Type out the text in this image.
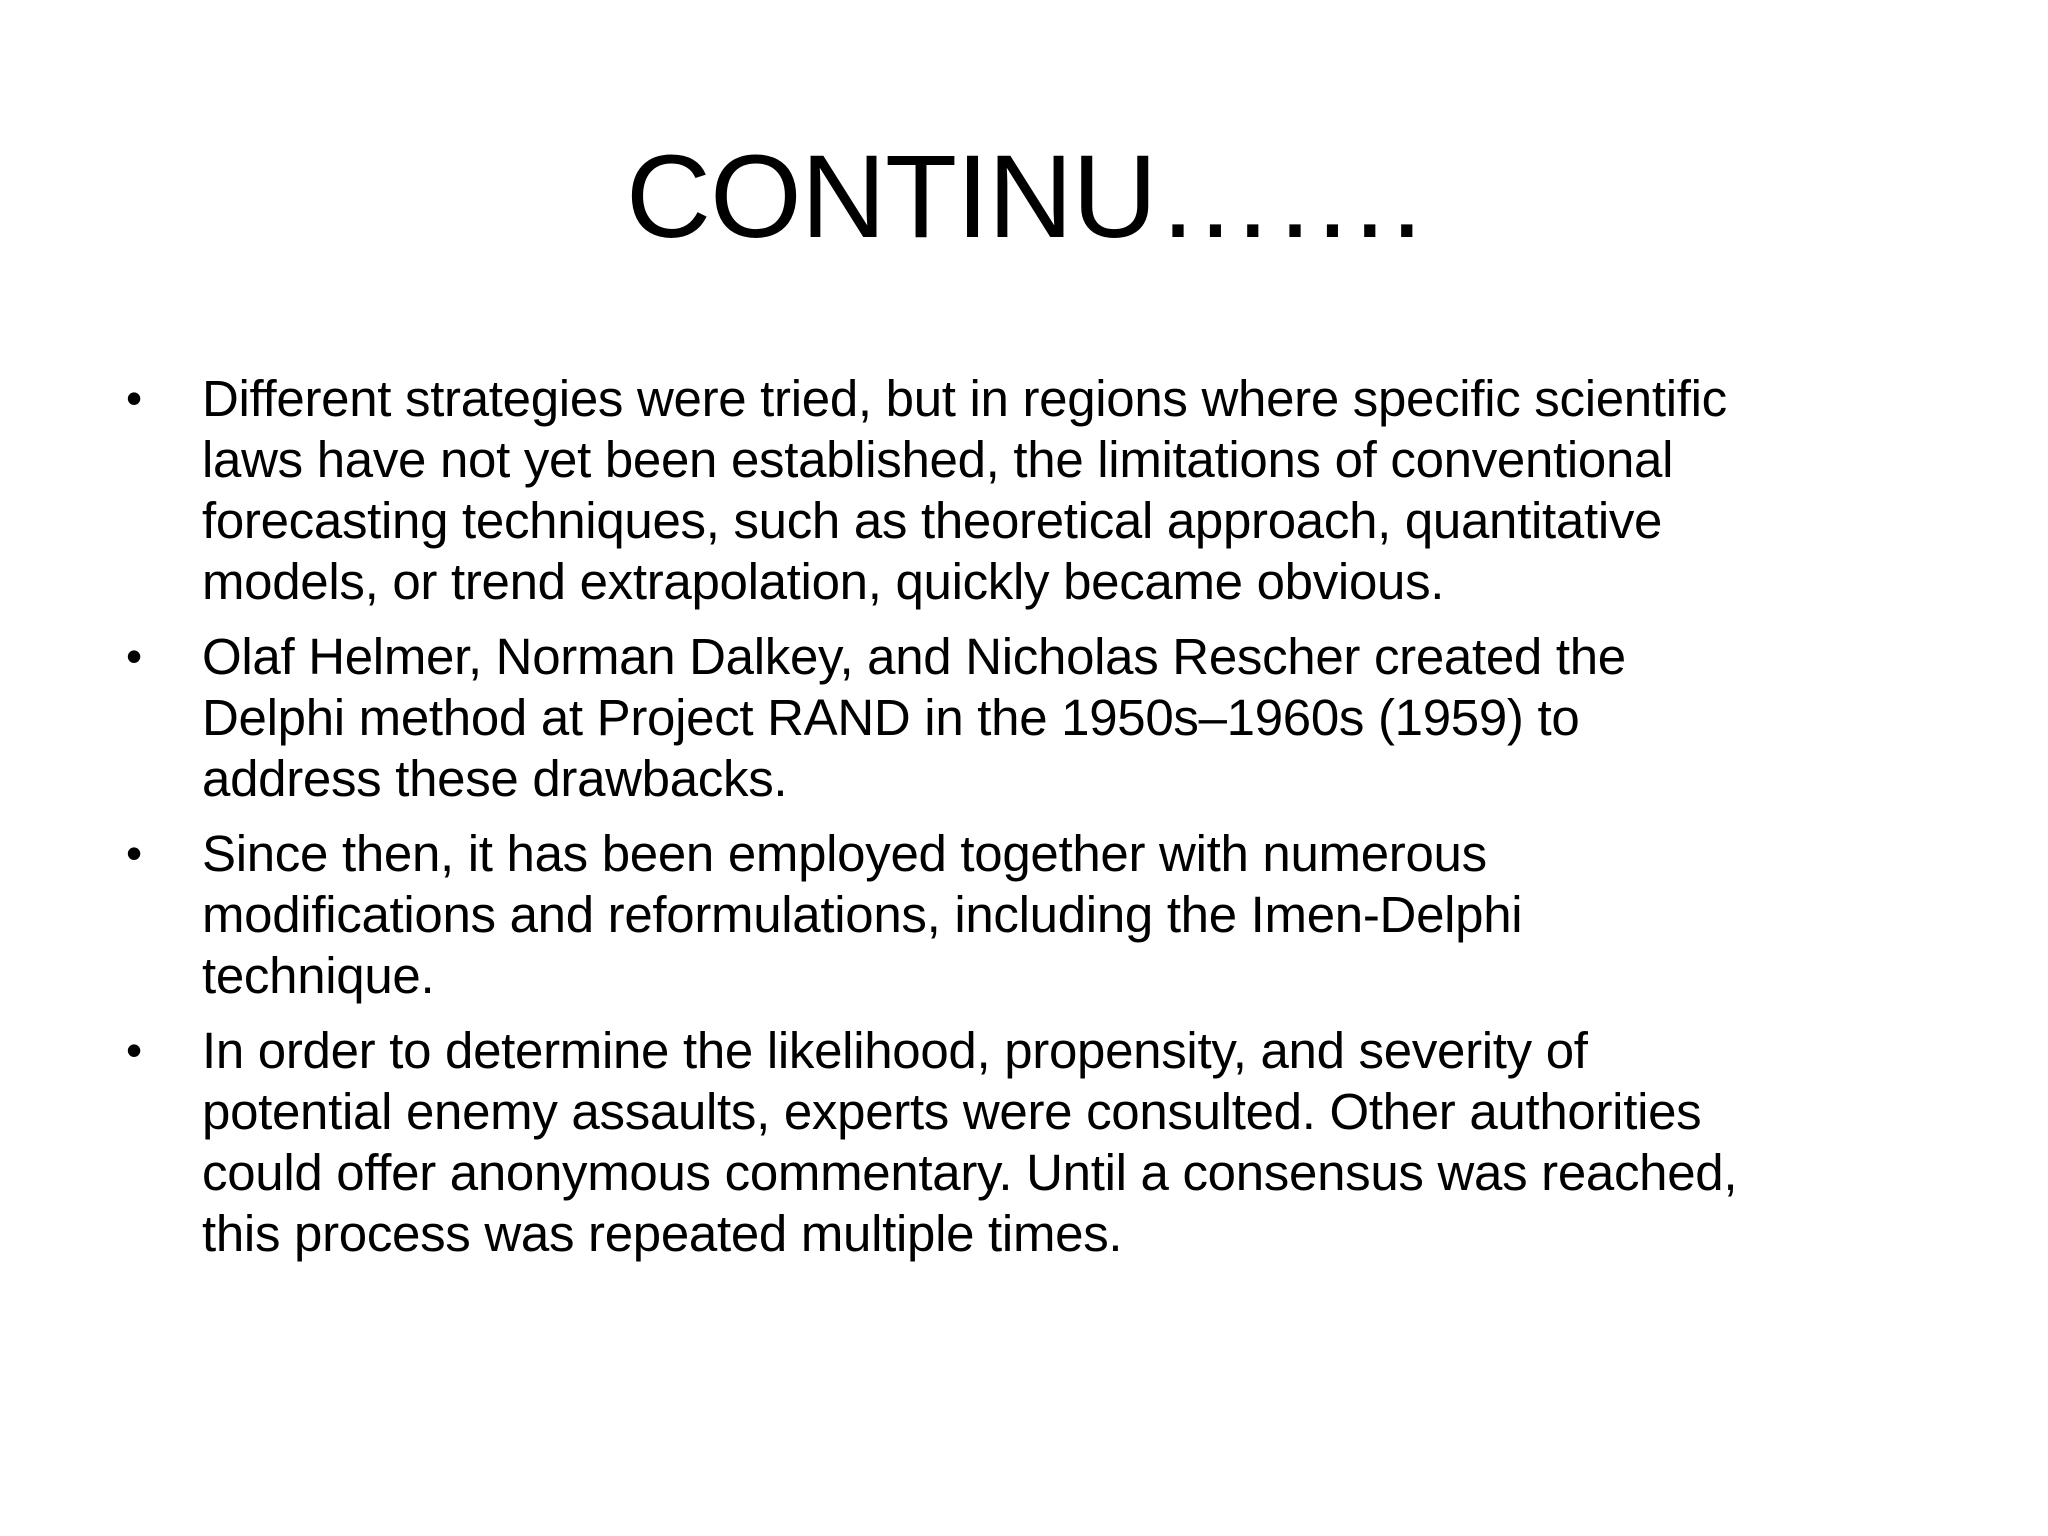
CONTINU…….
•	Different strategies were tried, but in regions where specific scientific laws have not yet been established, the limitations of conventional forecasting techniques, such as theoretical approach, quantitative models, or trend extrapolation, quickly became obvious.
•	Olaf Helmer, Norman Dalkey, and Nicholas Rescher created the Delphi method at Project RAND in the 1950s–1960s (1959) to address these drawbacks.
•	Since then, it has been employed together with numerous modifications and reformulations, including the Imen-Delphi technique.
•	In order to determine the likelihood, propensity, and severity of potential enemy assaults, experts were consulted. Other authorities could offer anonymous commentary. Until a consensus was reached, this process was repeated multiple times.
